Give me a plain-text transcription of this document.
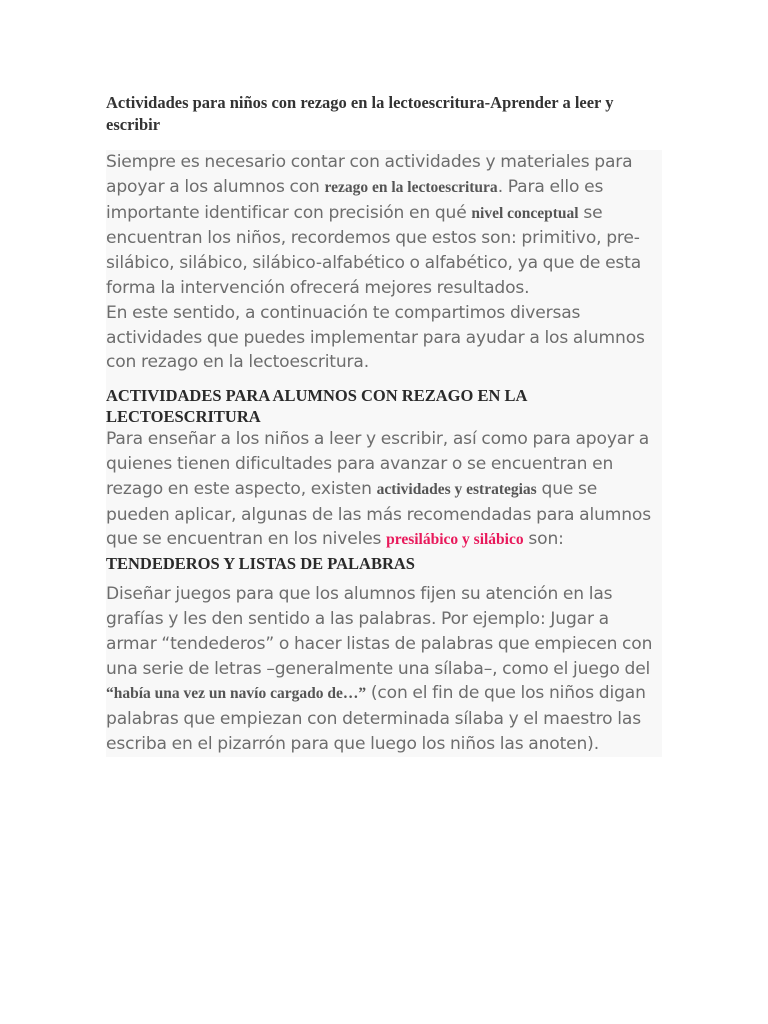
Actividades para niños con rezago en la lectoescritura-Aprender a leer y escribir

Siempre es necesario contar con actividades y materiales para apoyar a los alumnos con rezago en la lectoescritura. Para ello es importante identificar con precisión en qué nivel conceptual se encuentran los niños, recordemos que estos son: primitivo, pre-silábico, silábico, silábico-alfabético o alfabético, ya que de esta forma la intervención ofrecerá mejores resultados.

En este sentido, a continuación te compartimos diversas actividades que puedes implementar para ayudar a los alumnos con rezago en la lectoescritura.

ACTIVIDADES PARA ALUMNOS CON REZAGO EN LA LECTOESCRITURA

Para enseñar a los niños a leer y escribir, así como para apoyar a quienes tienen dificultades para avanzar o se encuentran en rezago en este aspecto, existen actividades y estrategias que se pueden aplicar, algunas de las más recomendadas para alumnos que se encuentran en los niveles presilábico y silábico son:

TENDEDEROS Y LISTAS DE PALABRAS

Diseñar juegos para que los alumnos fijen su atención en las grafías y les den sentido a las palabras. Por ejemplo: Jugar a armar “tendederos” o hacer listas de palabras que empiecen con una serie de letras –generalmente una sílaba–, como el juego del “había una vez un navío cargado de…” (con el fin de que los niños digan palabras que empiezan con determinada sílaba y el maestro las escriba en el pizarrón para que luego los niños las anoten).
